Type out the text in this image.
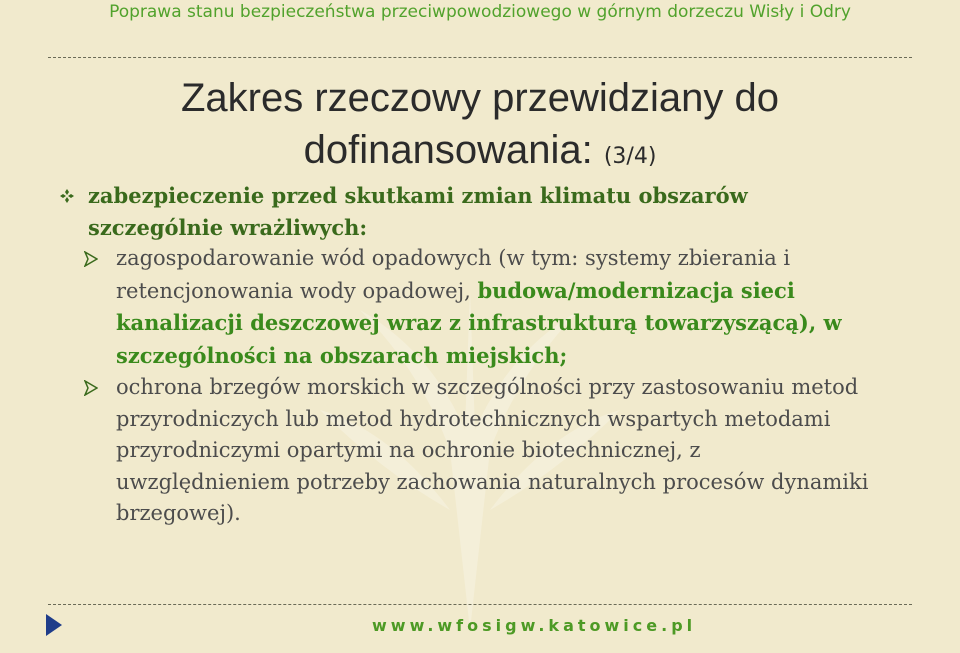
Poprawa stanu bezpieczeństwa przeciwpowodziowego w górnym dorzeczu Wisły i Odry
Zakres rzeczowy przewidziany do
dofinansowania: (3/4)
zabezpieczenie przed skutkami zmian klimatu obszarów szczególnie wrażliwych:
zagospodarowanie wód opadowych (w tym: systemy zbierania i retencjonowania wody opadowej, budowa/modernizacja sieci kanalizacji deszczowej wraz z infrastrukturą towarzyszącą), w szczególności na obszarach miejskich;
ochrona brzegów morskich w szczególności przy zastosowaniu metod przyrodniczych lub metod hydrotechnicznych wspartych metodami przyrodniczymi opartymi na ochronie biotechnicznej, z uwzględnieniem potrzeby zachowania naturalnych procesów dynamiki brzegowej).
www.wfosigw.katowice.pl
